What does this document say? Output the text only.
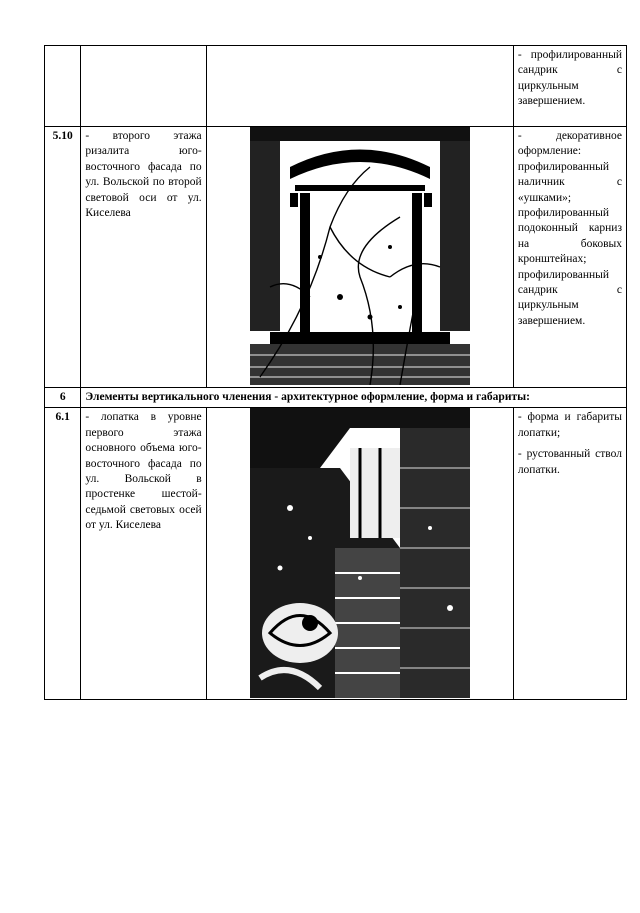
			- профилированный сандрик с циркульным завершением.

5.10	- второго этажа ризалита юго-восточного фасада по ул. Вольской по второй световой оси от ул. Киселева		- декоративное оформление: профилированный наличник с «ушками»; профилированный подоконный карниз на боковых кронштейнах; профилированный сандрик с циркульным завершением.

6	Элементы вертикального членения - архитектурное оформление, форма и габариты:		
6.1	- лопатка в уровне первого этажа основного объема юго-восточного фасада по ул. Вольской в простенке шестой-седьмой световых осей от ул. Киселева		- форма и габариты лопатки;

- рустованный ствол лопатки.
